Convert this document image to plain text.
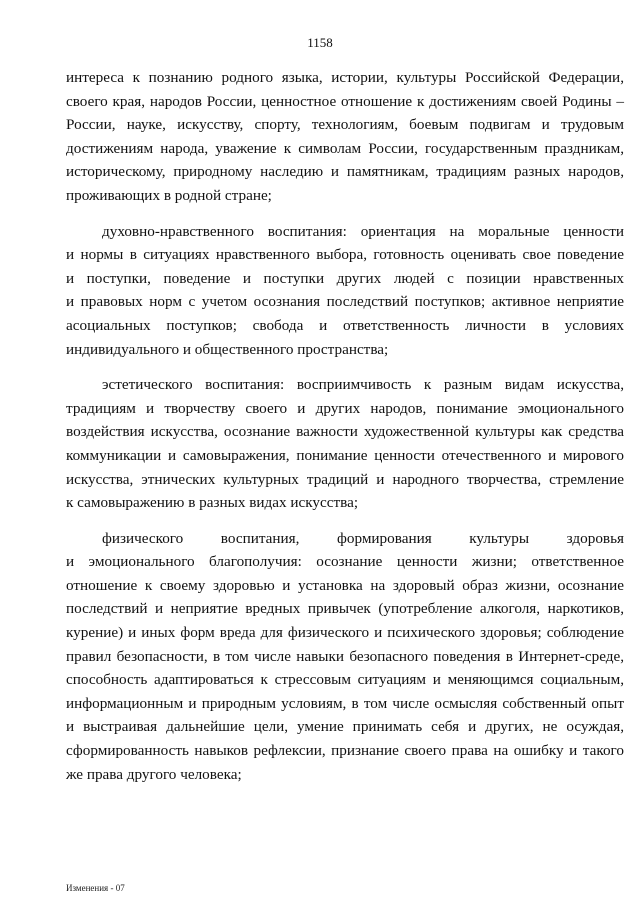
1158

интереса к познанию родного языка, истории, культуры Российской Федерации,
своего края, народов России, ценностное отношение к достижениям своей Родины –
России, науке, искусству, спорту, технологиям, боевым подвигам и трудовым
достижениям народа, уважение к символам России, государственным праздникам,
историческому, природному наследию и памятникам, традициям разных народов,
проживающих в родной стране;

духовно-нравственного воспитания: ориентация на моральные ценности
и нормы в ситуациях нравственного выбора, готовность оценивать свое поведение
и поступки, поведение и поступки других людей с позиции нравственных
и правовых норм с учетом осознания последствий поступков; активное неприятие
асоциальных поступков; свобода и ответственность личности в условиях
индивидуального и общественного пространства;

эстетического воспитания: восприимчивость к разным видам искусства,
традициям и творчеству своего и других народов, понимание эмоционального
воздействия искусства, осознание важности художественной культуры как средства
коммуникации и самовыражения, понимание ценности отечественного и мирового
искусства, этнических культурных традиций и народного творчества, стремление
к самовыражению в разных видах искусства;

физического воспитания, формирования культуры здоровья
и эмоционального благополучия: осознание ценности жизни; ответственное
отношение к своему здоровью и установка на здоровый образ жизни, осознание
последствий и неприятие вредных привычек (употребление алкоголя, наркотиков,
курение) и иных форм вреда для физического и психического здоровья; соблюдение
правил безопасности, в том числе навыки безопасного поведения в Интернет-среде,
способность адаптироваться к стрессовым ситуациям и меняющимся социальным,
информационным и природным условиям, в том числе осмысляя собственный опыт
и выстраивая дальнейшие цели, умение принимать себя и других, не осуждая,
сформированность навыков рефлексии, признание своего права на ошибку и такого
же права другого человека;

Изменения - 07
